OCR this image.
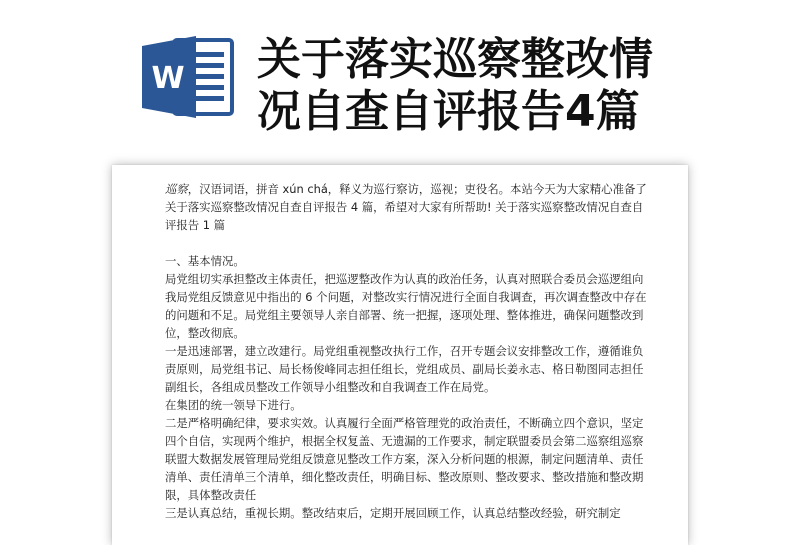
W 关于落实巡察整改情
况自查自评报告4篇

巡察，汉语词语，拼音 xún chá，释义为巡行察访，巡视；吏役名。本站今天为大家精心准备了关于落实巡察整改情况自查自评报告 4 篇，希望对大家有所帮助! 关于落实巡察整改情况自查自评报告 1 篇

一、基本情况。

局党组切实承担整改主体责任，把巡逻整改作为认真的政治任务，认真对照联合委员会巡逻组向我局党组反馈意见中指出的 6 个问题，对整改实行情况进行全面自我调查，再次调查整改中存在的问题和不足。局党组主要领导人亲自部署、统一把握，逐项处理、整体推进，确保问题整改到位，整改彻底。

一是迅速部署，建立改建行。局党组重视整改执行工作，召开专题会议安排整改工作，遵循谁负责原则，局党组书记、局长杨俊峰同志担任组长，党组成员、副局长姜永志、格日勒图同志担任副组长，各组成员整改工作领导小组整改和自我调查工作在局党。

在集团的统一领导下进行。

二是严格明确纪律，要求实效。认真履行全面严格管理党的政治责任，不断确立四个意识，坚定四个自信，实现两个维护，根据全权复盖、无遗漏的工作要求，制定联盟委员会第二巡察组巡察联盟大数据发展管理局党组反馈意见整改工作方案，深入分析问题的根源，制定问题清单、责任清单、责任清单三个清单，细化整改责任，明确目标、整改原则、整改要求、整改措施和整改期限，具体整改责任

三是认真总结，重视长期。整改结束后，定期开展回顾工作，认真总结整改经验，研究制定
